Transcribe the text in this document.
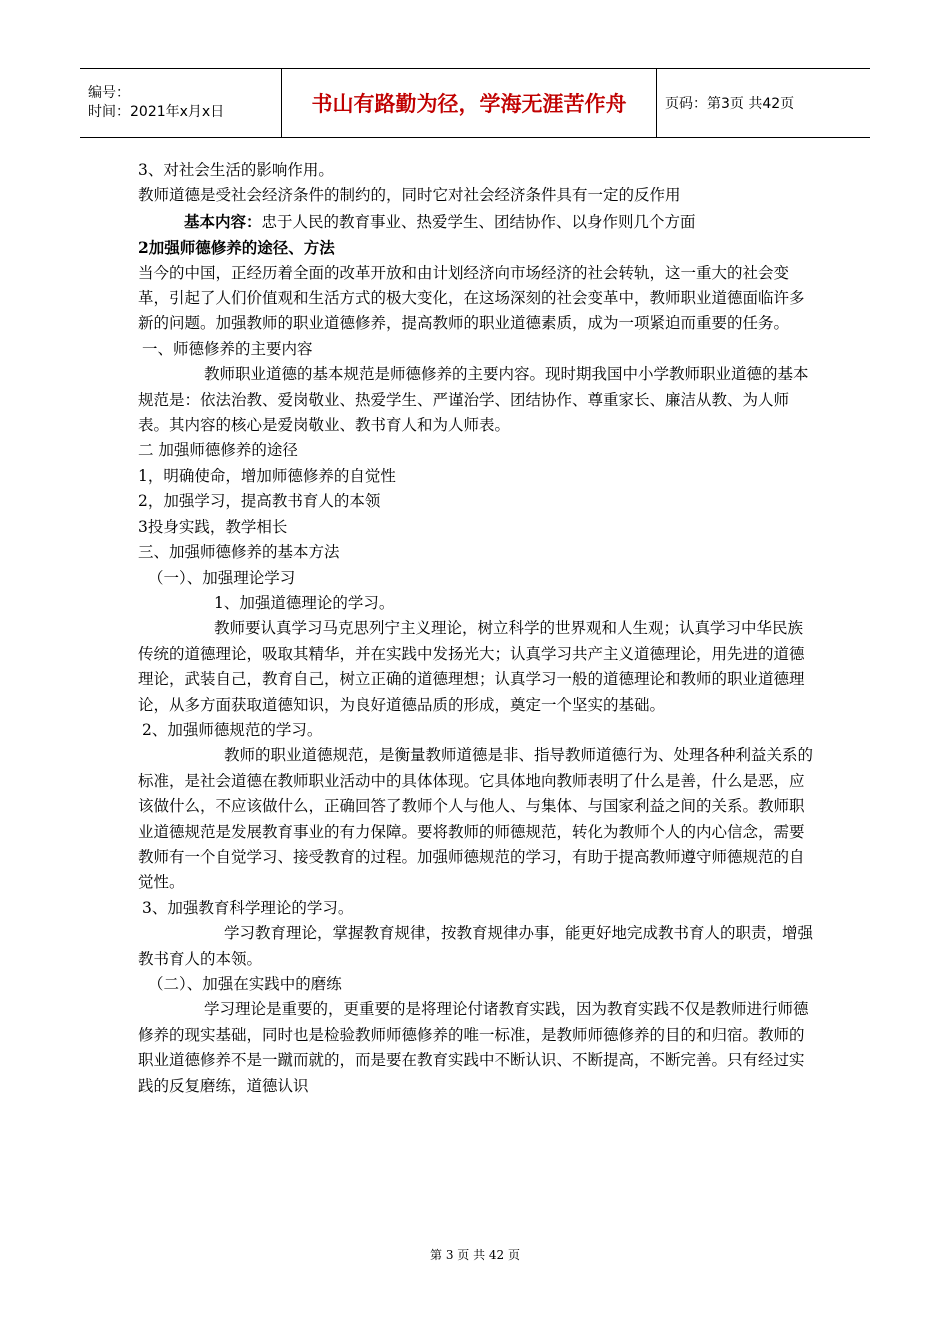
编号：
时间：2021年x月x日	书山有路勤为径，学海无涯苦作舟	页码：第3页 共42页

3、对社会生活的影响作用。

教师道德是受社会经济条件的制约的，同时它对社会经济条件具有一定的反作用

基本内容：忠于人民的教育事业、热爱学生、团结协作、以身作则几个方面

2加强师德修养的途径、方法

当今的中国，正经历着全面的改革开放和由计划经济向市场经济的社会转轨，这一重大的社会变革，引起了人们价值观和生活方式的极大变化，在这场深刻的社会变革中，教师职业道德面临许多新的问题。加强教师的职业道德修养，提高教师的职业道德素质，成为一项紧迫而重要的任务。

一、师德修养的主要内容

教师职业道德的基本规范是师德修养的主要内容。现时期我国中小学教师职业道德的基本规范是：依法治教、爱岗敬业、热爱学生、严谨治学、团结协作、尊重家长、廉洁从教、为人师表。其内容的核心是爱岗敬业、教书育人和为人师表。

二 加强师德修养的途径

1，明确使命，增加师德修养的自觉性

2，加强学习，提高教书育人的本领

3投身实践，教学相长

三、加强师德修养的基本方法

（一）、加强理论学习

1、加强道德理论的学习。

教师要认真学习马克思列宁主义理论，树立科学的世界观和人生观；认真学习中华民族传统的道德理论，吸取其精华，并在实践中发扬光大；认真学习共产主义道德理论，用先进的道德理论，武装自己，教育自己，树立正确的道德理想；认真学习一般的道德理论和教师的职业道德理论，从多方面获取道德知识，为良好道德品质的形成，奠定一个坚实的基础。

2、加强师德规范的学习。

教师的职业道德规范，是衡量教师道德是非、指导教师道德行为、处理各种利益关系的标准，是社会道德在教师职业活动中的具体体现。它具体地向教师表明了什么是善，什么是恶，应该做什么，不应该做什么，正确回答了教师个人与他人、与集体、与国家利益之间的关系。教师职业道德规范是发展教育事业的有力保障。要将教师的师德规范，转化为教师个人的内心信念，需要教师有一个自觉学习、接受教育的过程。加强师德规范的学习，有助于提高教师遵守师德规范的自觉性。

3、加强教育科学理论的学习。

学习教育理论，掌握教育规律，按教育规律办事，能更好地完成教书育人的职责，增强教书育人的本领。

（二）、加强在实践中的磨练

学习理论是重要的，更重要的是将理论付诸教育实践，因为教育实践不仅是教师进行师德修养的现实基础，同时也是检验教师师德修养的唯一标准，是教师师德修养的目的和归宿。教师的职业道德修养不是一蹴而就的，而是要在教育实践中不断认识、不断提高，不断完善。只有经过实践的反复磨练，道德认识

第 3 页 共 42 页
